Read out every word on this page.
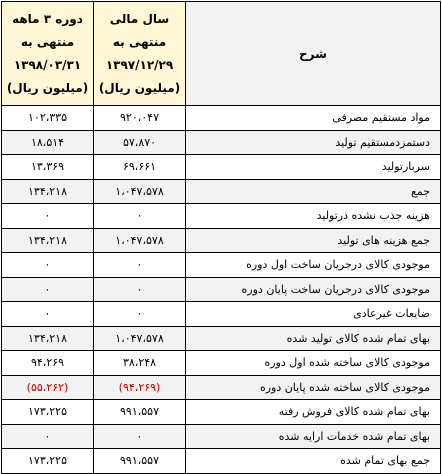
شرح	سال مالی
منتهی به
۱۳۹۷/۱۲/۲۹
(میلیون ریال)	دوره ۳ ماهه
منتهی به
۱۳۹۸/۰۳/۳۱
(میلیون ریال)

مواد مستقیم مصرفی	۹۲۰،۰۴۷	۱۰۲،۳۳۵
دستمزدمستقیم تولید	۵۷،۸۷۰	۱۸،۵۱۴
سربارتولید	۶۹،۶۶۱	۱۳،۳۶۹
جمع	۱،۰۴۷،۵۷۸	۱۳۴،۲۱۸
هزینه جذب نشده درتولید	۰	۰
جمع هزینه های تولید	۱،۰۴۷،۵۷۸	۱۳۴،۲۱۸
موجودی کالای درجریان ساخت اول دوره	۰	۰
موجودی کالای درجریان ساخت پایان دوره	۰	۰
ضایعات غیرعادی	۰	۰
بهای تمام شده کالای تولید شده	۱،۰۴۷،۵۷۸	۱۳۴،۲۱۸
موجودی کالای ساخته شده اول دوره	۳۸،۲۴۸	۹۴،۲۶۹
موجودی کالای ساخته شده پایان دوره	(۹۴،۲۶۹)	(۵۵،۲۶۲)
بهای تمام شده کالای فروش رفته	۹۹۱،۵۵۷	۱۷۳،۲۲۵
بهای تمام شده خدمات ارایه شده	۰	۰
جمع بهای تمام شده	۹۹۱،۵۵۷	۱۷۳،۲۲۵
